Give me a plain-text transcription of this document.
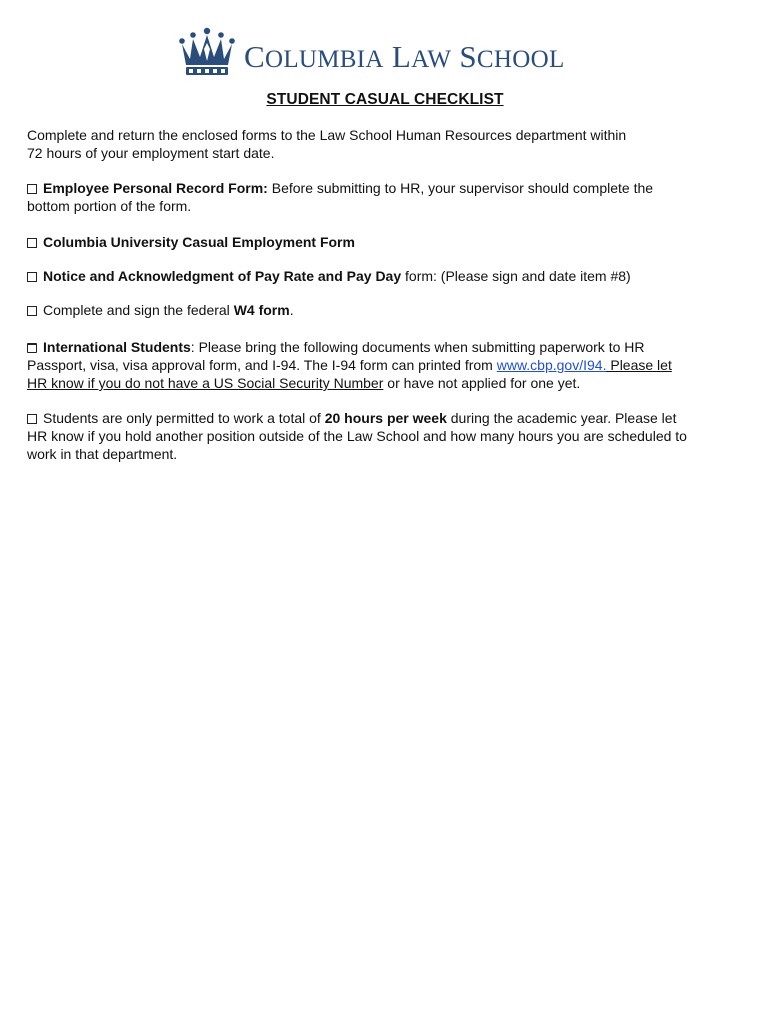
COLUMBIA LAW SCHOOL
STUDENT CASUAL CHECKLIST
Complete and return the enclosed forms to the Law School Human Resources department within
72 hours of your employment start date.
Employee Personal Record Form: Before submitting to HR, your supervisor should complete the
bottom portion of the form.
Columbia University Casual Employment Form
Notice and Acknowledgment of Pay Rate and Pay Day form: (Please sign and date item #8)
Complete and sign the federal W4 form.
International Students: Please bring the following documents when submitting paperwork to HR
Passport, visa, visa approval form, and I-94. The I-94 form can printed from www.cbp.gov/I94. Please let
HR know if you do not have a US Social Security Number or have not applied for one yet.
Students are only permitted to work a total of 20 hours per week during the academic year. Please let
HR know if you hold another position outside of the Law School and how many hours you are scheduled to
work in that department.
